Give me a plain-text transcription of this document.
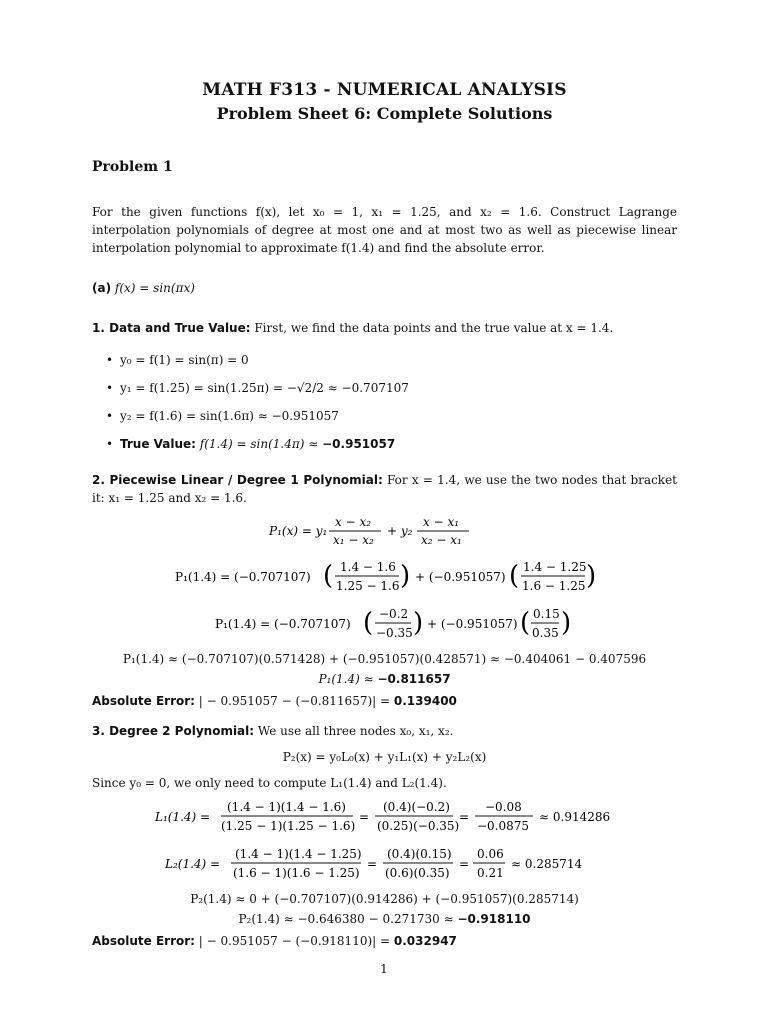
MATH F313 - NUMERICAL ANALYSIS
Problem Sheet 6: Complete Solutions
Problem 1

For the given functions f(x), let x₀ = 1, x₁ = 1.25, and x₂ = 1.6. Construct Lagrange interpolation polynomials of degree at most one and at most two as well as piecewise linear interpolation polynomial to approximate f(1.4) and find the absolute error.

(a) f(x) = sin(πx)

1. Data and True Value: First, we find the data points and the true value at x = 1.4.

• y₀ = f(1) = sin(π) = 0
• y₁ = f(1.25) = sin(1.25π) = −√2/2 ≈ −0.707107
• y₂ = f(1.6) = sin(1.6π) ≈ −0.951057
• True Value: f(1.4) = sin(1.4π) ≈ −0.951057

2. Piecewise Linear / Degree 1 Polynomial: For x = 1.4, we use the two nodes that bracket it: x₁ = 1.25 and x₂ = 1.6.

P₁(x) = y₁
x − x₂
x₁ − x₂
+ y₂
x − x₁
x₂ − x₁
P₁(1.4) = (−0.707107) ( 1.4 − 1.6
1.25 − 1.6 ) + (−0.951057) ( 1.4 − 1.25
1.6 − 1.25 )
P₁(1.4) = (−0.707107) ( −0.2
−0.35 ) + (−0.951057) ( 0.15
0.35 )
P₁(1.4) ≈ (−0.707107)(0.571428) + (−0.951057)(0.428571) ≈ −0.404061 − 0.407596
P₁(1.4) ≈ −0.811657

Absolute Error: | − 0.951057 − (−0.811657)| = 0.139400

3. Degree 2 Polynomial: We use all three nodes x₀, x₁, x₂.

P₂(x) = y₀L₀(x) + y₁L₁(x) + y₂L₂(x)

Since y₀ = 0, we only need to compute L₁(1.4) and L₂(1.4).

L₁(1.4) =
(1.4 − 1)(1.4 − 1.6)
(1.25 − 1)(1.25 − 1.6)
=
(0.4)(−0.2)
(0.25)(−0.35)
=
−0.08
−0.0875
≈ 0.914286
L₂(1.4) =
(1.4 − 1)(1.4 − 1.25)
(1.6 − 1)(1.6 − 1.25)
=
(0.4)(0.15)
(0.6)(0.35)
=
0.06
0.21
≈ 0.285714
P₂(1.4) ≈ 0 + (−0.707107)(0.914286) + (−0.951057)(0.285714)
P₂(1.4) ≈ −0.646380 − 0.271730 ≈ −0.918110

Absolute Error: | − 0.951057 − (−0.918110)| = 0.032947

1
